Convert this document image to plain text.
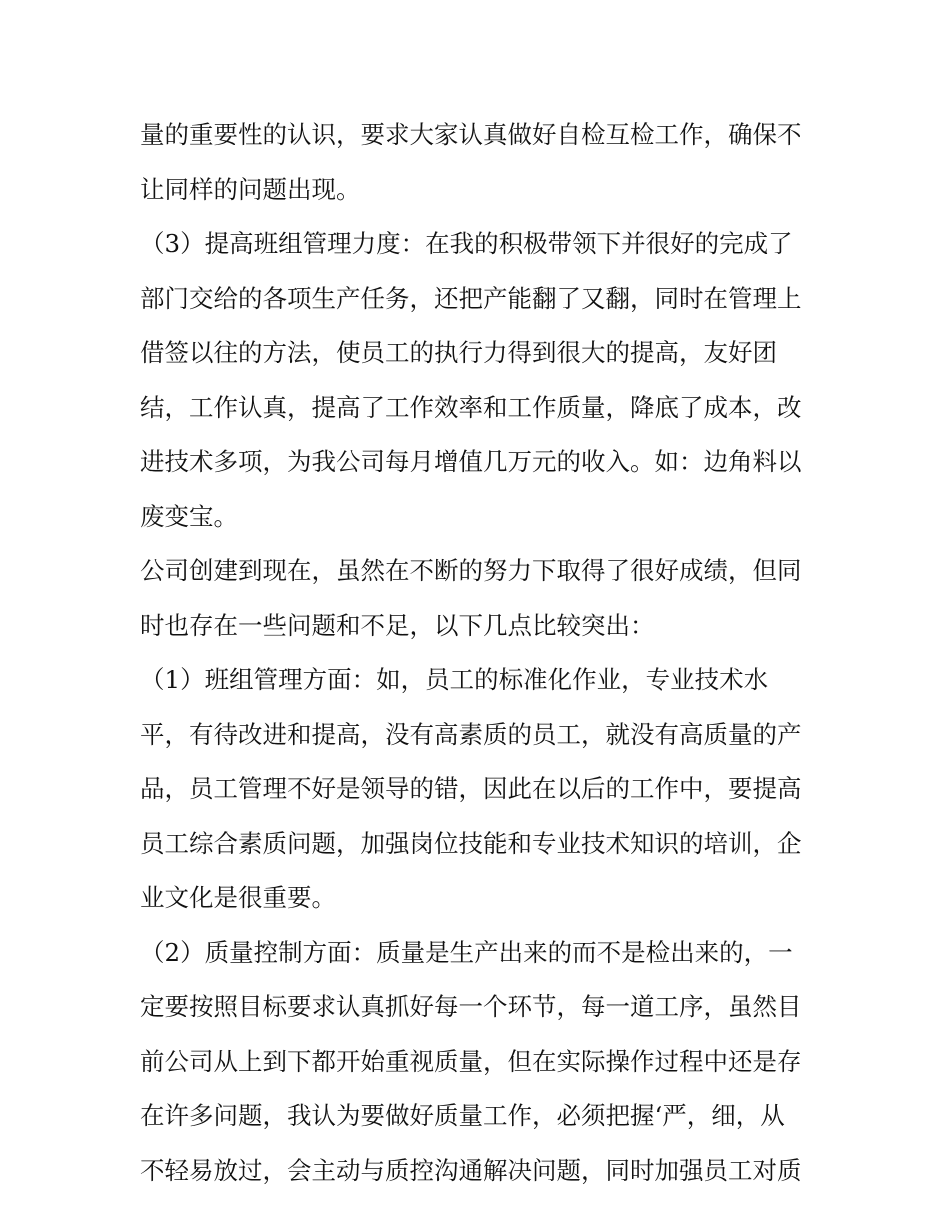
量的重要性的认识，要求大家认真做好自检互检工作，确保不
让同样的问题出现。
（3）提高班组管理力度：在我的积极带领下并很好的完成了
部门交给的各项生产任务，还把产能翻了又翻，同时在管理上
借签以往的方法，使员工的执行力得到很大的提高，友好团
结，工作认真，提高了工作效率和工作质量，降底了成本，改
进技术多项，为我公司每月增值几万元的收入。如：边角料以
废变宝。
公司创建到现在，虽然在不断的努力下取得了很好成绩，但同
时也存在一些问题和不足，以下几点比较突出：
（1）班组管理方面：如，员工的标准化作业，专业技术水
平，有待改进和提高，没有高素质的员工，就没有高质量的产
品，员工管理不好是领导的错，因此在以后的工作中，要提高
员工综合素质问题，加强岗位技能和专业技术知识的培训，企
业文化是很重要。
（2）质量控制方面：质量是生产出来的而不是检出来的，一
定要按照目标要求认真抓好每一个环节，每一道工序，虽然目
前公司从上到下都开始重视质量，但在实际操作过程中还是存
在许多问题，我认为要做好质量工作，必须把握‘严，细，从
不轻易放过，会主动与质控沟通解决问题，同时加强员工对质
